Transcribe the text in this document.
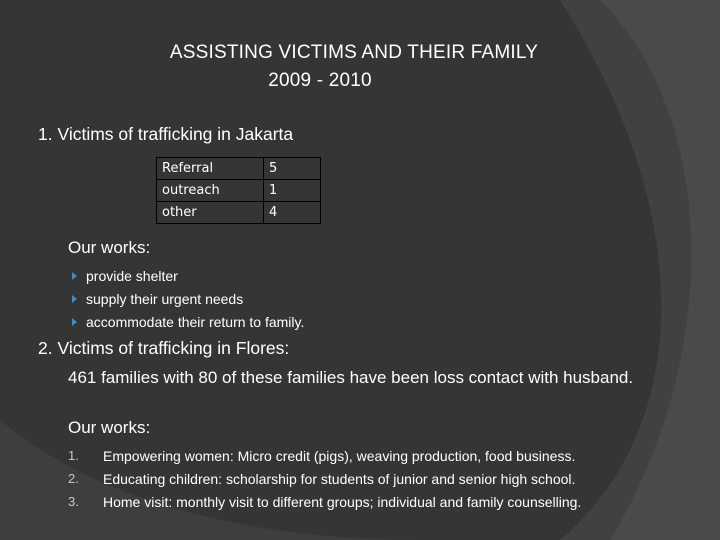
ASSISTING VICTIMS AND THEIR FAMILY
2009 - 2010
1. Victims of trafficking in Jakarta
Referral	5
outreach	1
other	4
Our works:
provide shelter
supply their urgent needs
accommodate their return to family.
2. Victims of trafficking in Flores:
461 families with 80 of these families have been loss contact with husband.
Our works:
1.	Empowering women: Micro credit (pigs), weaving production, food business.
2.	Educating children: scholarship for students of junior and senior high school.
3.	Home visit: monthly visit to different groups; individual and family counselling.
